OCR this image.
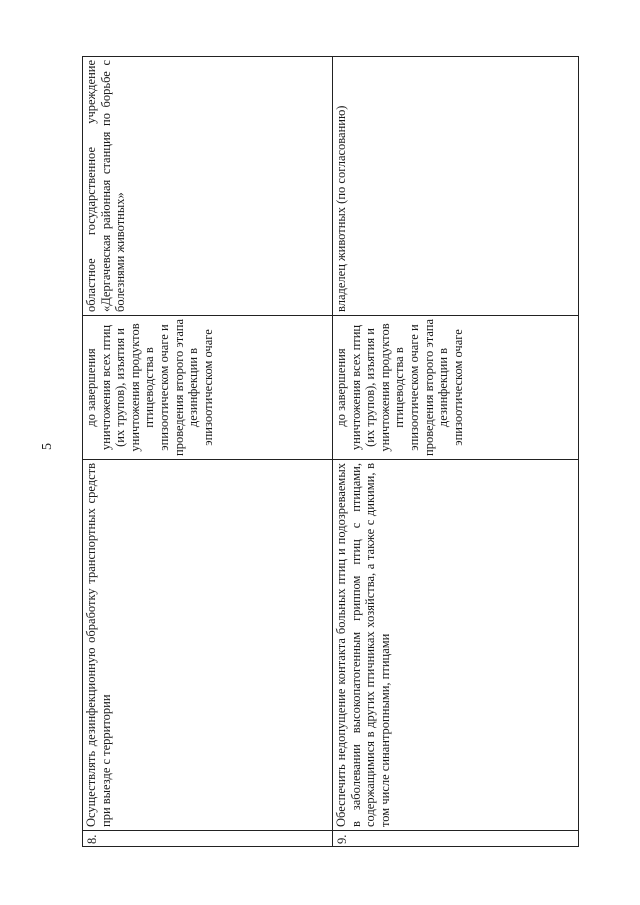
5
8.	Осуществлять дезинфекционную обработку транспортных средств при выезде с территории	до завершения уничтожения всех птиц (их трупов), изъятия и уничтожения продуктов птицеводства в эпизоотическом очаге и проведения второго этапа дезинфекции в эпизоотическом очаге	областное государственное учреждение «Дергачевская районная станция по борьбе с болезнями животных»
9.	Обеспечить недопущение контакта больных птиц и подозреваемых в заболевании высокопатогенным гриппом птиц с птицами, содержащимися в других птичниках хозяйства, а также с дикими, в том числе синантропными, птицами	до завершения уничтожения всех птиц (их трупов), изъятия и уничтожения продуктов птицеводства в эпизоотическом очаге и проведения второго этапа дезинфекции в эпизоотическом очаге	владелец животных (по согласованию)
